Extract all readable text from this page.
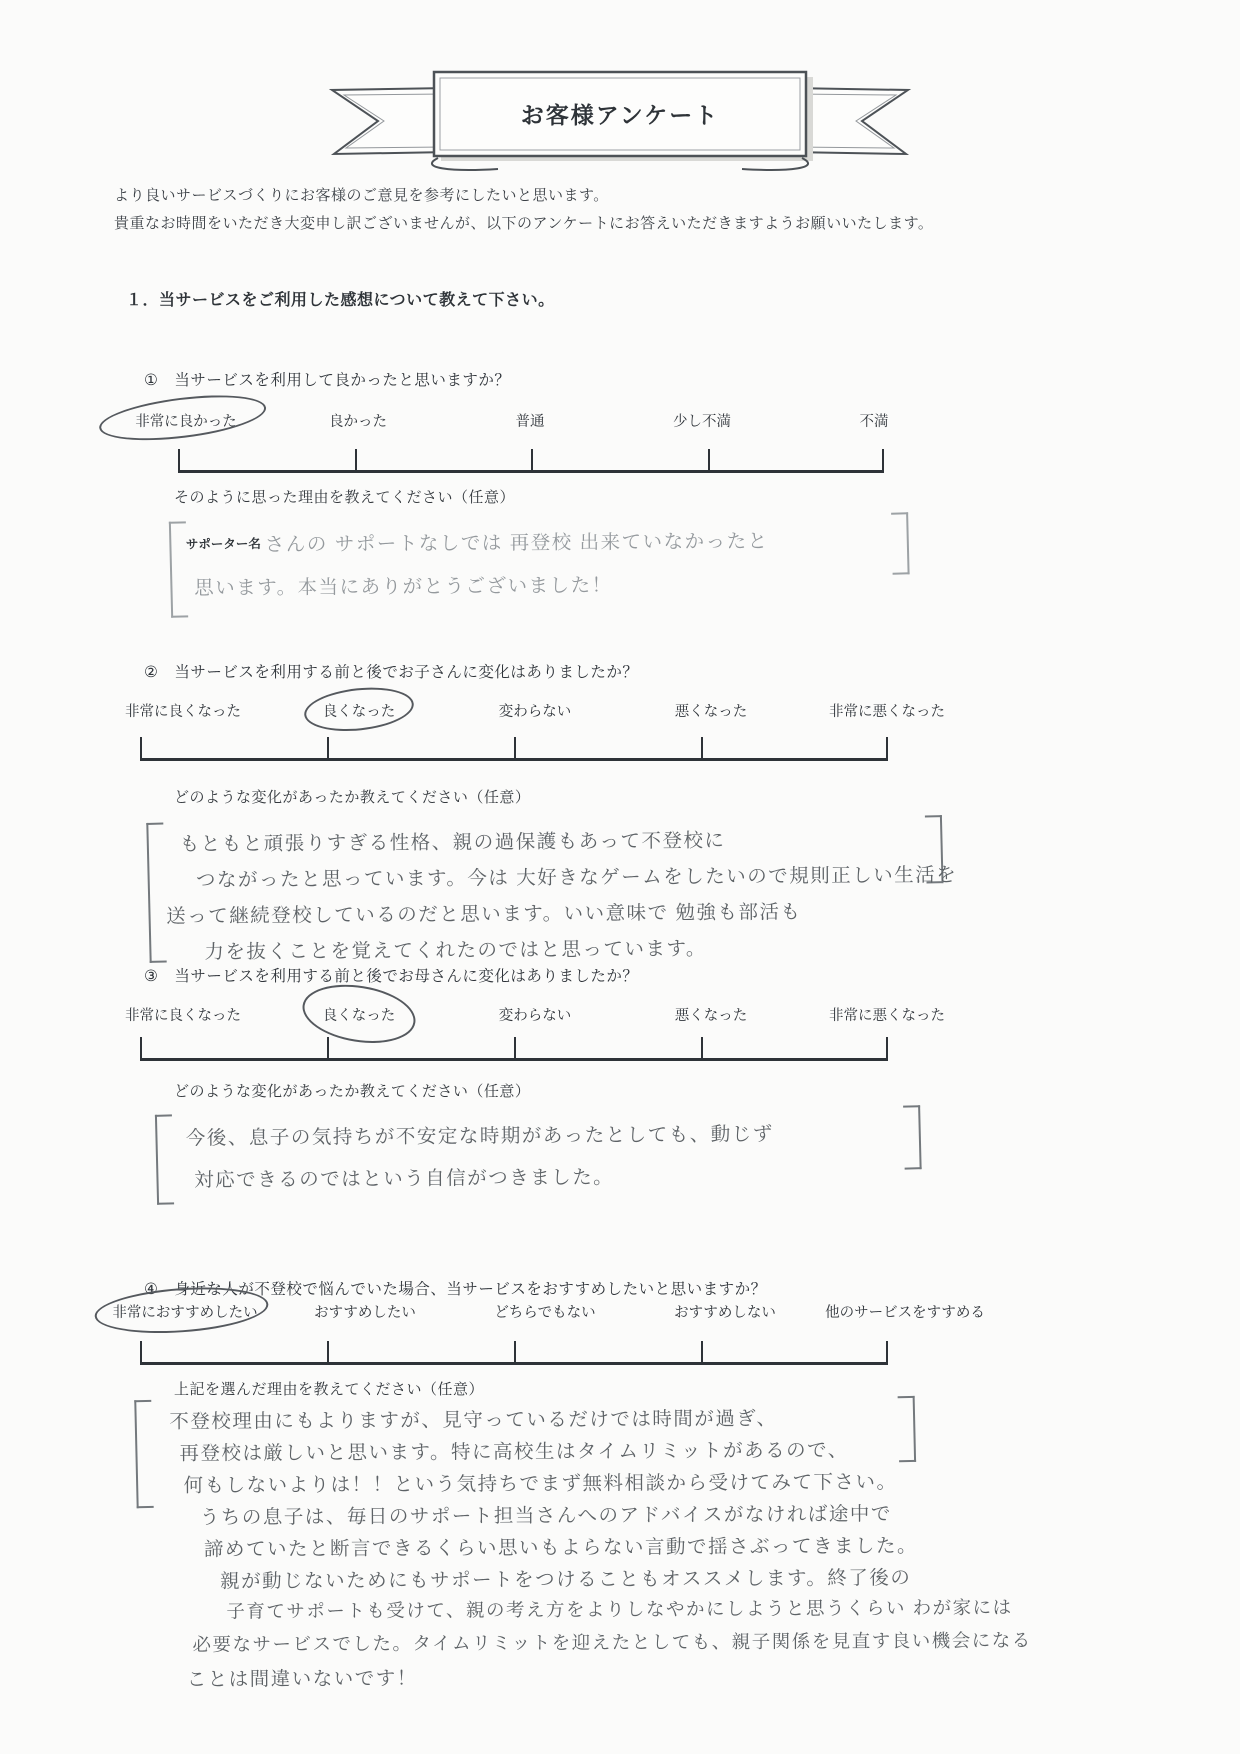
お客様アンケート
より良いサービスづくりにお客様のご意見を参考にしたいと思います。
貴重なお時間をいただき大変申し訳ございませんが、以下のアンケートにお答えいただきますようお願いいたします。
１．当サービスをご利用した感想について教えて下さい。
① 当サービスを利用して良かったと思いますか？
非常に良かった	良かった	普通	少し不満	不満
そのように思った理由を教えてください（任意）
サポーター名 さんの サポートなしでは 再登校 出来ていなかったと
思います。本当にありがとうございました！
② 当サービスを利用する前と後でお子さんに変化はありましたか？
非常に良くなった	良くなった	変わらない	悪くなった	非常に悪くなった
どのような変化があったか教えてください（任意）
もともと頑張りすぎる性格、親の過保護もあって不登校に
つながったと思っています。今は 大好きなゲームをしたいので規則正しい生活を
送って継続登校しているのだと思います。いい意味で 勉強も部活も
力を抜くことを覚えてくれたのではと思っています。
③ 当サービスを利用する前と後でお母さんに変化はありましたか？
非常に良くなった	良くなった	変わらない	悪くなった	非常に悪くなった
どのような変化があったか教えてください（任意）
今後、息子の気持ちが不安定な時期があったとしても、動じず
対応できるのではという自信がつきました。
④ 身近な人が不登校で悩んでいた場合、当サービスをおすすめしたいと思いますか？
非常におすすめしたい	おすすめしたい	どちらでもない	おすすめしない	他のサービスをすすめる
上記を選んだ理由を教えてください（任意）
不登校理由にもよりますが、見守っているだけでは時間が過ぎ、
再登校は厳しいと思います。特に高校生はタイムリミットがあるので、
何もしないよりは！！という気持ちでまず無料相談から受けてみて下さい。
うちの息子は、毎日のサポート担当さんへのアドバイスがなければ途中で
諦めていたと断言できるくらい思いもよらない言動で揺さぶってきました。
親が動じないためにもサポートをつけることもオススメします。終了後の
子育てサポートも受けて、親の考え方をよりしなやかにしようと思うくらい わが家には
必要なサービスでした。タイムリミットを迎えたとしても、親子関係を見直す良い機会になる
ことは間違いないです！
